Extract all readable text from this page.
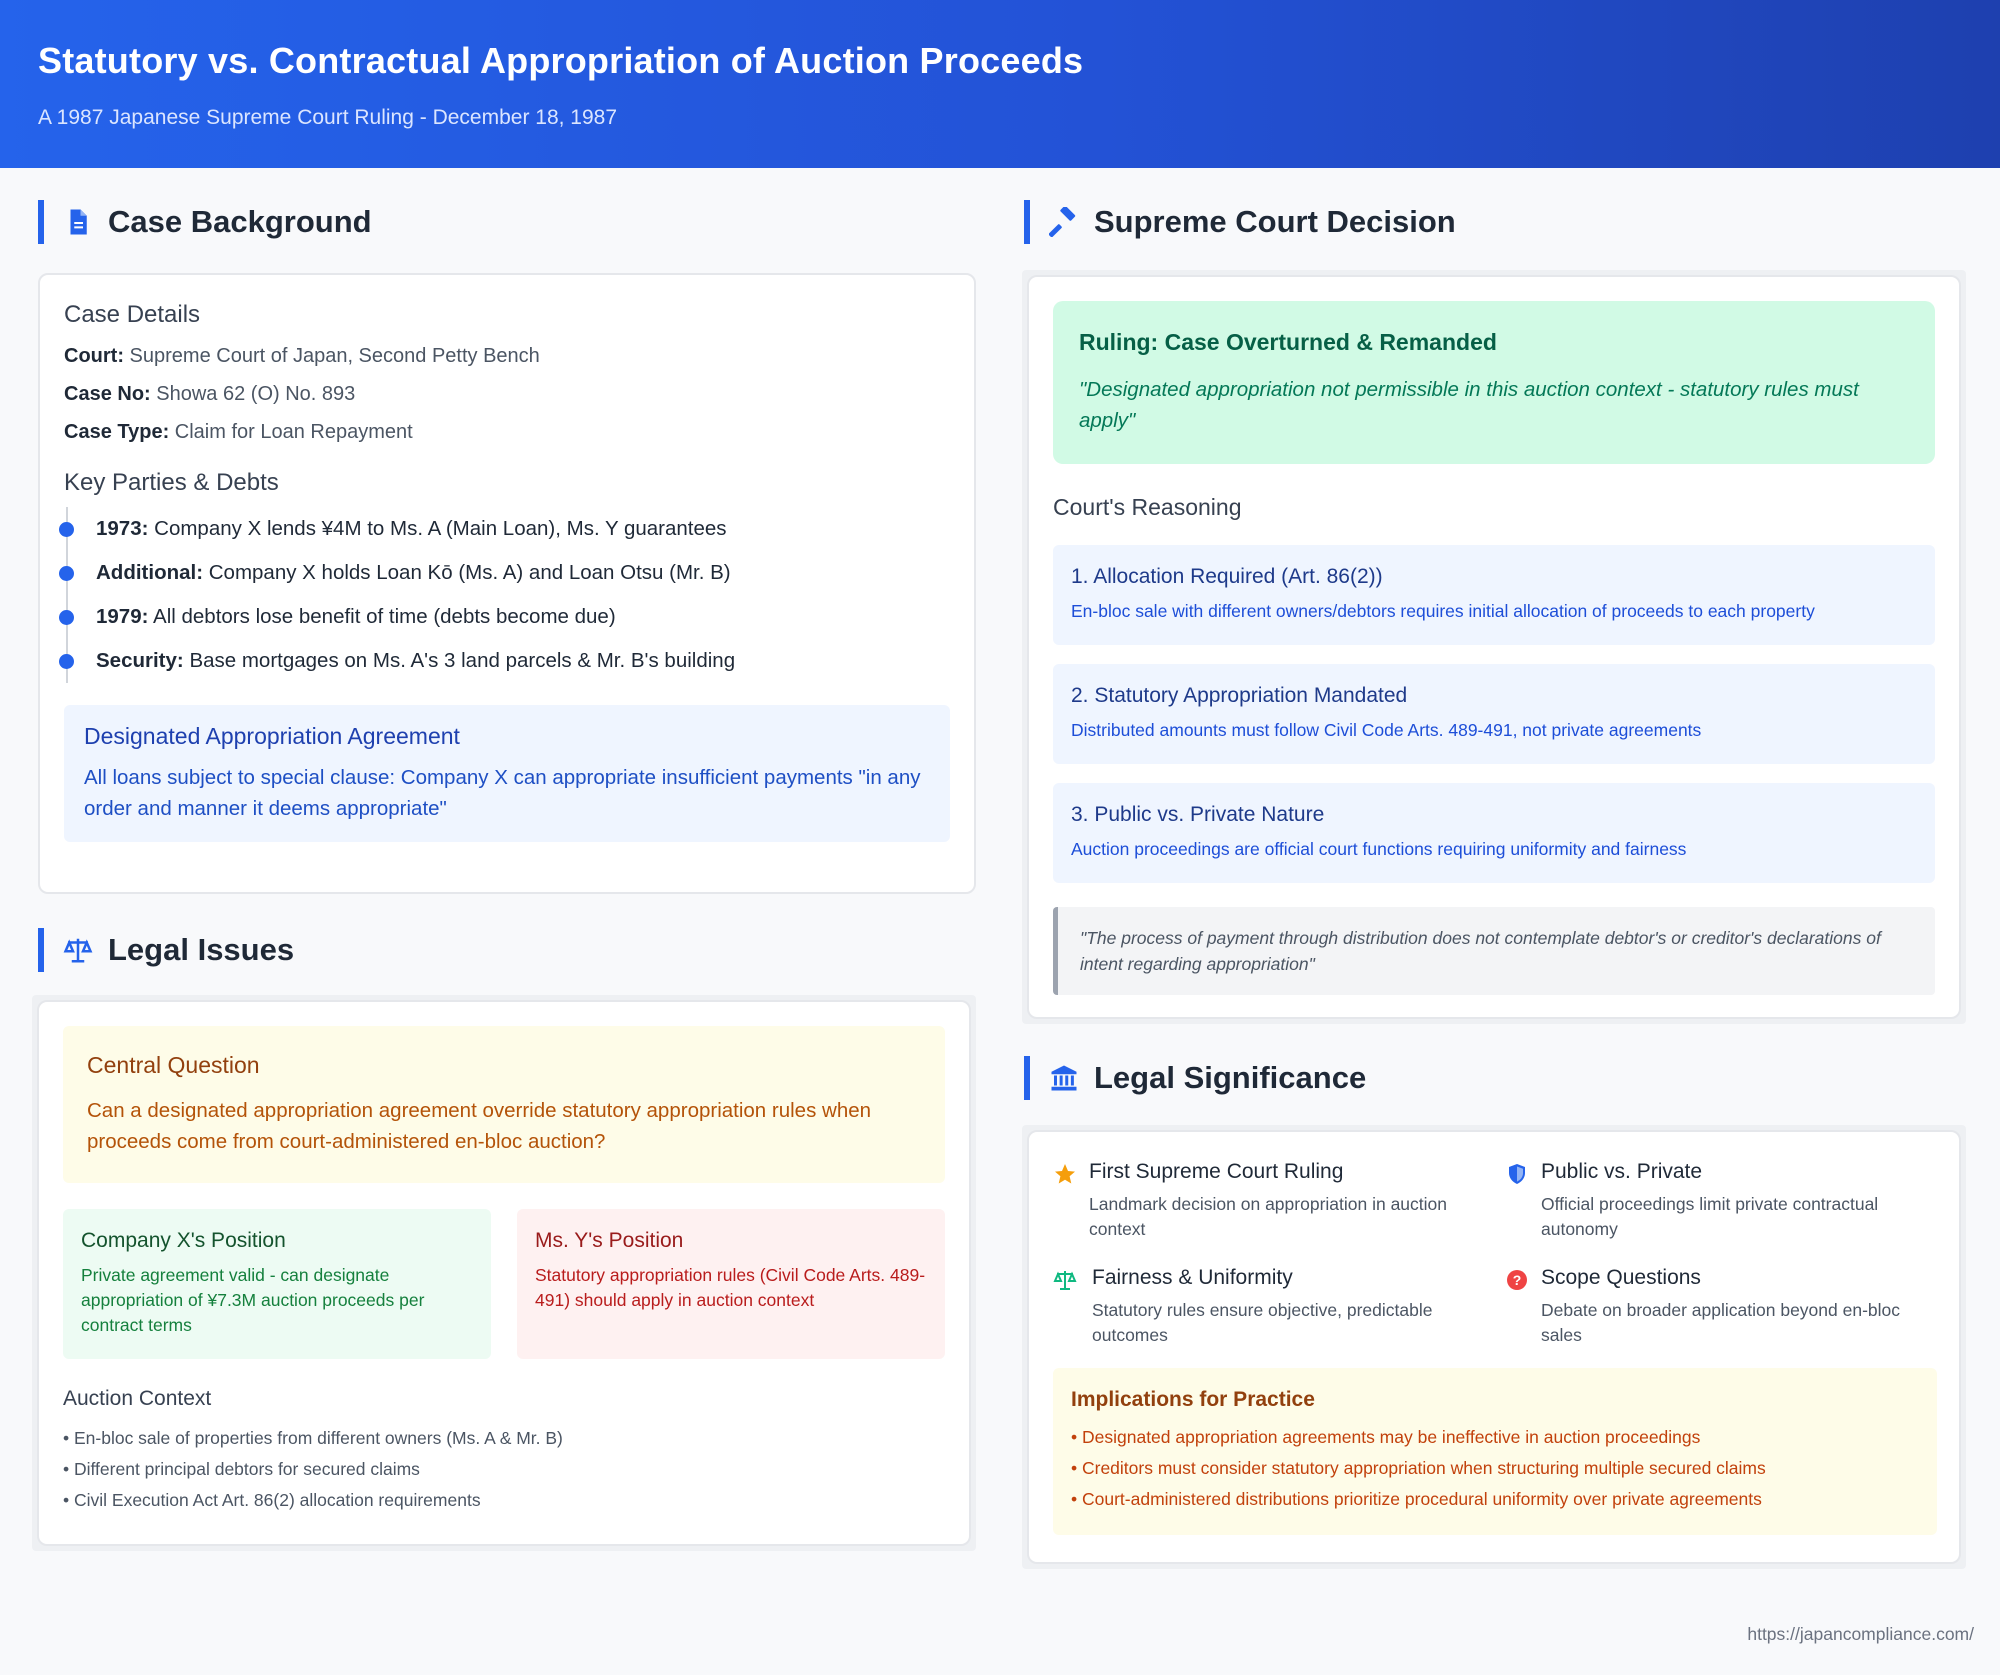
Statutory vs. Contractual Appropriation of Auction Proceeds
A 1987 Japanese Supreme Court Ruling - December 18, 1987
Case Background
Case Details
Court: Supreme Court of Japan, Second Petty Bench
Case No: Showa 62 (O) No. 893
Case Type: Claim for Loan Repayment
Key Parties & Debts
1973: Company X lends ¥4M to Ms. A (Main Loan), Ms. Y guarantees
Additional: Company X holds Loan Kō (Ms. A) and Loan Otsu (Mr. B)
1979: All debtors lose benefit of time (debts become due)
Security: Base mortgages on Ms. A's 3 land parcels & Mr. B's building
Designated Appropriation Agreement
All loans subject to special clause: Company X can appropriate insufficient payments "in any order and manner it deems appropriate"
Legal Issues
Central Question
Can a designated appropriation agreement override statutory appropriation rules when proceeds come from court-administered en-bloc auction?
Company X's Position
Private agreement valid - can designate appropriation of ¥7.3M auction proceeds per contract terms
Ms. Y's Position
Statutory appropriation rules (Civil Code Arts. 489-491) should apply in auction context
Auction Context
• En-bloc sale of properties from different owners (Ms. A & Mr. B)
• Different principal debtors for secured claims
• Civil Execution Act Art. 86(2) allocation requirements
Supreme Court Decision
Ruling: Case Overturned & Remanded
"Designated appropriation not permissible in this auction context - statutory rules must apply"
Court's Reasoning
1. Allocation Required (Art. 86(2))
En-bloc sale with different owners/debtors requires initial allocation of proceeds to each property
2. Statutory Appropriation Mandated
Distributed amounts must follow Civil Code Arts. 489-491, not private agreements
3. Public vs. Private Nature
Auction proceedings are official court functions requiring uniformity and fairness
"The process of payment through distribution does not contemplate debtor's or creditor's declarations of intent regarding appropriation"
Legal Significance
First Supreme Court Ruling
Landmark decision on appropriation in auction context
Public vs. Private
Official proceedings limit private contractual autonomy
Fairness & Uniformity
Statutory rules ensure objective, predictable outcomes
? Scope Questions
Debate on broader application beyond en-bloc sales
Implications for Practice
• Designated appropriation agreements may be ineffective in auction proceedings
• Creditors must consider statutory appropriation when structuring multiple secured claims
• Court-administered distributions prioritize procedural uniformity over private agreements
https://japancompliance.com/
